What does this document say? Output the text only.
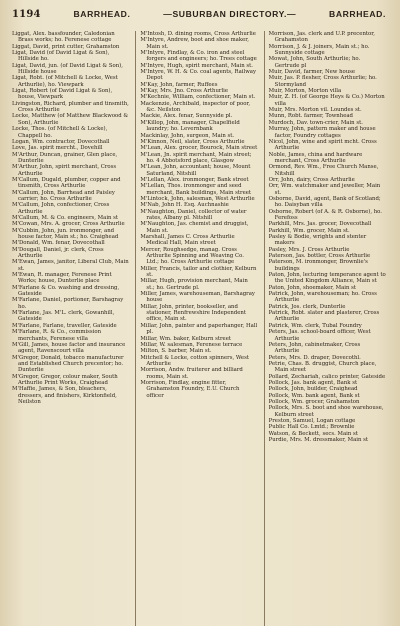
1194	BARRHEAD.	—SUBURBAN DIRECTORY.—	BARRHEAD.

Liggat, Alex. bassfounder, Caledonian Brass works; ho. Ferenese cottage

Liggat, David, print cutter, Grahamston

Ligat, David (of David Ligat & Son), Hillside ho.

Ligat, David, jun. (of David Ligat & Son), Hillside house

Ligat, Robt. (of Mitchell & Locke, West Arthurlie), ho. Viewpark

Ligat, Robert (of David Ligat & Son), house, Viewpark

Livingston, Richard, plumber and tinsmith, Cross Arthurlie

Locke, Matthew (of Matthew Blackwood & Son), Arthurlie

Locke, Thos. (of Mitchell & Locke), Chappell ho.

Logan, Wm. contractor, Dovecothall

Love, Jas. spirit mercht., Dovehill

M'Arthur, Duncan, grainer, Glen place, Dunterlie

M'Arthur, John, spirit merchant, Cross Arthurlie

M'Callum, Dugald, plumber, copper and tinsmith, Cross Arthurlie

M'Callum, John, Barrhead and Paisley carrier; ho. Cross Arthurlie

M'Callum, John, confectioner, Cross Arthurlie

M'Callum, M. & Co. engineers, Main st

M'Cowan, Mrs. A. grocer, Cross Arthurlie

M'Cubbin, John, jun. ironmonger, and house factor, Main st.; ho. Craighead

M'Donald, Wm. fenar, Dovecothall

M'Dougall, Daniel, jr. clerk, Cross Arthurlie

M'Ewan, James, janitor, Liberal Club, Main st.

M'Ewan, R. manager, Ferenese Print Works; house, Dunterlie place

M'Farlane & Co. washing and dressing, Gateside

M'Farlane, Daniel, portioner, Barshagray ho.

M'Farlane, Jas. M'L. clerk, Gowanhill, Gateside

M'Farlane, Farlane, traveller, Gateside

M'Farlane, R. & Co., commission merchants, Ferenese villa

M'Gill, James, house factor and insurance agent, Ravenscourt villa

M'Gregor, Donald, tobacco manufacturer and Established Church precentor; ho. Dunterlie

M'Gregor, Gregor, colour maker, South Arthurlie Print Works, Craighead

M'Haffie, James, & Son, bleachers, dressers, and finishers, Kirktonfield, Neilston

M'Intosh, D. dining rooms, Cross Arthurlie

M'Intyre, Andrew, boot and shoe maker, Main st.

M'Intyre, Findlay, & Co. iron and steel forgers and engineers; ho. Trees cottage

M'Intyre, Hugh, spirit merchant, Main st.

M'Intyre, W. H. & Co. coal agents, Railway Depot

M'Kay, John, farmer, Ruffees

M'Kay, Mrs. Jno. Cross Arthurlie

M'Kechnie, William, confectioner, Main st.

Mackenzie, Archibald, inspector of poor, &c. Neilston

Mackie, Alex. fenar, Sunnyside pl.

M'Killop, John, manager, Chapelfield laundry; ho. Levernbank

Mackinlay, John, surgeon, Main st.

M'Kinnon, Neil, slater, Cross Arthurlie

M'Lean, Alex. grocer, Bourock, Main street

M'Lean, Jn. spirit merchant, Main street; ho. 4 Abbotsford place, Glasgow

M'Lean, John, accountant; house, Mount Saturland, Nitshill

M'Lellan, Alex. ironmonger, Bank street

M'Lellan, Thos. ironmonger and seed merchant, Bank buildings, Main street

M'Lintock, John, salesman, West Arthurlie

M'Nab, John H. Esq. Auchnashie

M'Naughton, Daniel, collector of water rates, Albany pl. Nitshill

M'Naughton, Jas. chemist and druggist, Main st.

Marshall, James C. Cross Arthurlie Medical Hall, Main street

Mercer, Roughsedge, manag. Cross Arthurlie Spinning and Weaving Co. Ltd.; ho. Cross Arthurlie cottage

Miller, Francis, tailor and clothier, Kelburn st.

Millar, Hugh, provision merchant, Main st.; ho. Gertrude pl.

Miller, James, warehouseman, Barshagray house

Millar, John, printer, bookseller, and stationer, Renfrewshire Independent office, Main st.

Millar, John, painter and paperhanger, Hall pl.

Millar, Wm. baker, Kelburn street

Millar, W. salesman, Ferenese terrace

Milton, S. barber, Main st.

Mitchell & Locke, cotton spinners, West Arthurlie

Morrison, Andw. fruiterer and billiard rooms, Main st.

Morrison, Findlay, engine fitter, Grahamston Foundry, E.U. Church officer

Morrison, Jas. clerk and U.P. precentor, Grahamston

Morrison, J. & J. joiners, Main st.; ho. Sunnyside cottage

Mowat, John, South Arthurlie; ho. Gertrude pl

Muir, David, farmer, New house

Muir, Jas. P. flesher, Cross Arthurlie; ho. Stormyland

Muir, Morton, Morton villa

Muir, Z. H. (of George Heys & Co.) Morton villa

Muir, Mrs. Morton vil. Loundes st.

Munn, Robt. farmer, Townhead

Murdoch, Dav. town-crier, Main st.

Murray, John, pattern maker and house factor, Foundry cottages

Nicol, John, wine and spirit mcht. Cross Arthurlie

Noble, James, china and hardware merchant, Cross Arthurlie

Ormond, Rev. Wm., Free Church Manse, Nitshill

Orr, John, dairy, Cross Arthurlie

Orr, Wm. watchmaker and jeweller, Main st.

Osborne, David, agent, Bank of Scotland; ho. Daisyban villa

Osborne, Robert (of A. & R. Osborne), ho. Ferefoss

Parkhill, Mrs. Jas. grocer, Dovecothall

Parkhill, Wm. grocer, Main st.

Pasley & Bodie, wrights and stenter makers

Pasley, Mrs. J. Cross Arthurlie

Paterson, Jas. bottler, Cross Arthurlie

Paterson, M. ironmonger, Brownlie's buildings

Paton, John, lecturing temperance agent to the United Kingdom Alliance, Main st

Paton, John, shoemaker, Main st

Patrick, John, warehouseman; ho. Cross Arthurlie

Patrick, Jos. clerk, Dunterlie

Patrick, Robt. slater and plasterer, Cross Arthurlie

Patrick, Wm. clerk, Tubal Foundry

Peters, Jas. school-board officer, West Arthurlie

Peters, John, cabinetmaker, Cross Arthurlie

Peters, Mrs. D. draper, Dovecothl.

Petrie, Chas. B. druggist, Church place, Main street

Pollard, Zechariah, calico printer, Gateside

Pollock, Jas. bank agent, Bank st

Pollock, John, builder, Craighead

Pollock, Wm. bank agent, Bank st

Pollock, Wm. grocer, Grahamston

Pollock, Mrs. S. boot and shoe warehouse, Kelburn street

Preston, Samuel, Logan cottage

Public Hall Co. Lmtd.; Brownlie

Watson, & Beckett, secs. Main st

Purdie, Mrs. M. dressmaker, Main st
